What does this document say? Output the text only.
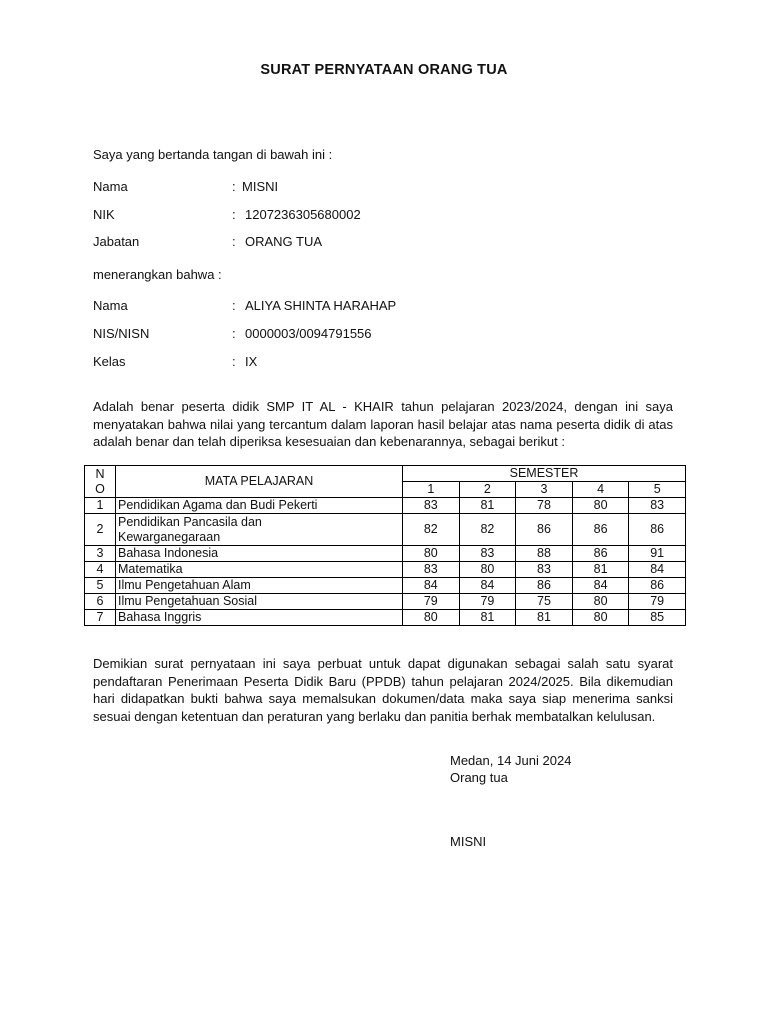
SURAT PERNYATAAN ORANG TUA
Saya yang bertanda tangan di bawah ini :
Nama	: MISNI
NIK	: 1207236305680002
Jabatan	: ORANG TUA
menerangkan bahwa :
Nama	: ALIYA SHINTA HARAHAP
NIS/NISN	: 0000003/0094791556
Kelas	: IX
Adalah benar peserta didik SMP IT AL - KHAIR tahun pelajaran 2023/2024, dengan ini saya menyatakan bahwa nilai yang tercantum dalam laporan hasil belajar atas nama peserta didik di atas adalah benar dan telah diperiksa kesesuaian dan kebenarannya, sebagai berikut :
N
O	MATA PELAJARAN	SEMESTER				
		1	2	3	4	5
1	Pendidikan Agama dan Budi Pekerti	83	81	78	80	83
2	Pendidikan Pancasila dan Kewarganegaraan	82	82	86	86	86
3	Bahasa Indonesia	80	83	88	86	91
4	Matematika	83	80	83	81	84
5	Ilmu Pengetahuan Alam	84	84	86	84	86
6	Ilmu Pengetahuan Sosial	79	79	75	80	79
7	Bahasa Inggris	80	81	81	80	85
Demikian surat pernyataan ini saya perbuat untuk dapat digunakan sebagai salah satu syarat pendaftaran Penerimaan Peserta Didik Baru (PPDB) tahun pelajaran 2024/2025. Bila dikemudian hari didapatkan bukti bahwa saya memalsukan dokumen/data maka saya siap menerima sanksi sesuai dengan ketentuan dan peraturan yang berlaku dan panitia berhak membatalkan kelulusan.
Medan, 14 Juni 2024
Orang tua
MISNI
